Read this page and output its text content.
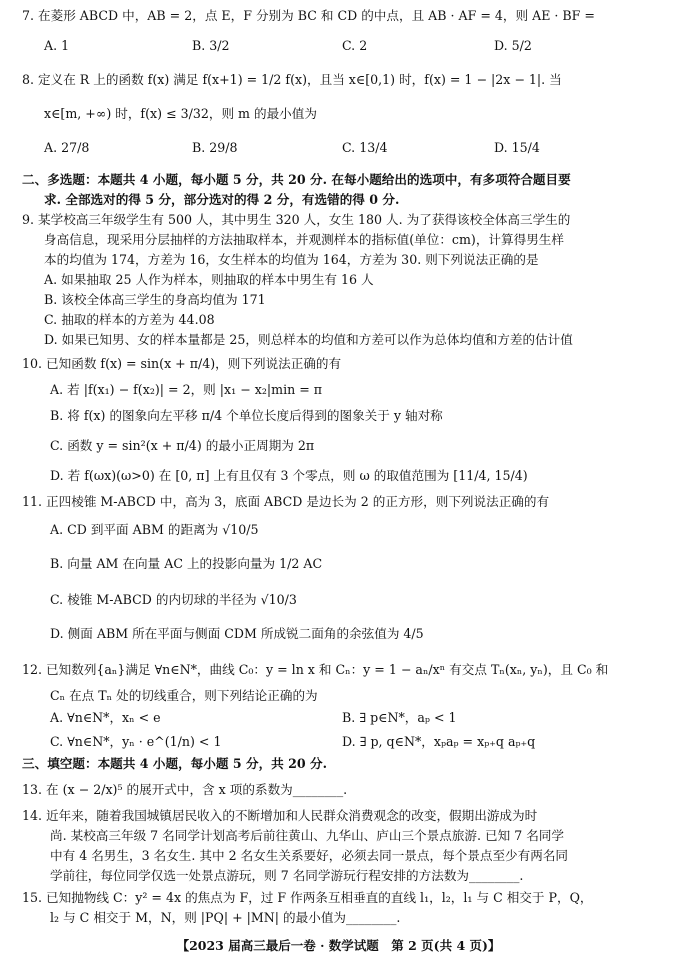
7. 在菱形 ABCD 中，AB = 2，点 E，F 分别为 BC 和 CD 的中点，且 AB · AF = 4，则 AE · BF =
A. 1	B. 3/2	C. 2	D. 5/2
8. 定义在 R 上的函数 f(x) 满足 f(x+1) = 1/2 f(x)，且当 x∈[0,1) 时，f(x) = 1 − |2x − 1|. 当
x∈[m, +∞) 时，f(x) ≤ 3/32，则 m 的最小值为
A. 27/8	B. 29/8	C. 13/4	D. 15/4
二、多选题：本题共 4 小题，每小题 5 分，共 20 分. 在每小题给出的选项中，有多项符合题目要
求. 全部选对的得 5 分，部分选对的得 2 分，有选错的得 0 分.
9. 某学校高三年级学生有 500 人，其中男生 320 人，女生 180 人. 为了获得该校全体高三学生的
身高信息，现采用分层抽样的方法抽取样本，并观测样本的指标值(单位：cm)，计算得男生样
本的均值为 174，方差为 16，女生样本的均值为 164，方差为 30. 则下列说法正确的是
A. 如果抽取 25 人作为样本，则抽取的样本中男生有 16 人
B. 该校全体高三学生的身高均值为 171
C. 抽取的样本的方差为 44.08
D. 如果已知男、女的样本量都是 25，则总样本的均值和方差可以作为总体均值和方差的估计值
10. 已知函数 f(x) = sin(x + π/4)，则下列说法正确的有
A. 若 |f(x₁) − f(x₂)| = 2，则 |x₁ − x₂|min = π
B. 将 f(x) 的图象向左平移 π/4 个单位长度后得到的图象关于 y 轴对称
C. 函数 y = sin²(x + π/4) 的最小正周期为 2π
D. 若 f(ωx)(ω>0) 在 [0, π] 上有且仅有 3 个零点，则 ω 的取值范围为 [11/4, 15/4)
11. 正四棱锥 M-ABCD 中，高为 3，底面 ABCD 是边长为 2 的正方形，则下列说法正确的有
A. CD 到平面 ABM 的距离为 √10/5
B. 向量 AM 在向量 AC 上的投影向量为 1/2 AC
C. 棱锥 M-ABCD 的内切球的半径为 √10/3
D. 侧面 ABM 所在平面与侧面 CDM 所成锐二面角的余弦值为 4/5
12. 已知数列{aₙ}满足 ∀n∈N*，曲线 C₀：y = ln x 和 Cₙ：y = 1 − aₙ/xⁿ 有交点 Tₙ(xₙ, yₙ)，且 C₀ 和
Cₙ 在点 Tₙ 处的切线重合，则下列结论正确的为
A. ∀n∈N*，xₙ < e	B. ∃ p∈N*，aₚ < 1
C. ∀n∈N*，yₙ · e^(1/n) < 1	D. ∃ p, q∈N*，xₚaₚ = xₚ₊q aₚ₊q
三、填空题：本题共 4 小题，每小题 5 分，共 20 分.
13. 在 (x − 2/x)⁵ 的展开式中，含 x 项的系数为________.
14. 近年来，随着我国城镇居民收入的不断增加和人民群众消费观念的改变，假期出游成为时
尚. 某校高三年级 7 名同学计划高考后前往黄山、九华山、庐山三个景点旅游. 已知 7 名同学
中有 4 名男生，3 名女生. 其中 2 名女生关系要好，必须去同一景点，每个景点至少有两名同
学前往，每位同学仅选一处景点游玩，则 7 名同学游玩行程安排的方法数为________.
15. 已知抛物线 C：y² = 4x 的焦点为 F，过 F 作两条互相垂直的直线 l₁，l₂，l₁ 与 C 相交于 P，Q，
l₂ 与 C 相交于 M，N，则 |PQ| + |MN| 的最小值为________.
【2023 届高三最后一卷 · 数学试题　第 2 页(共 4 页)】
